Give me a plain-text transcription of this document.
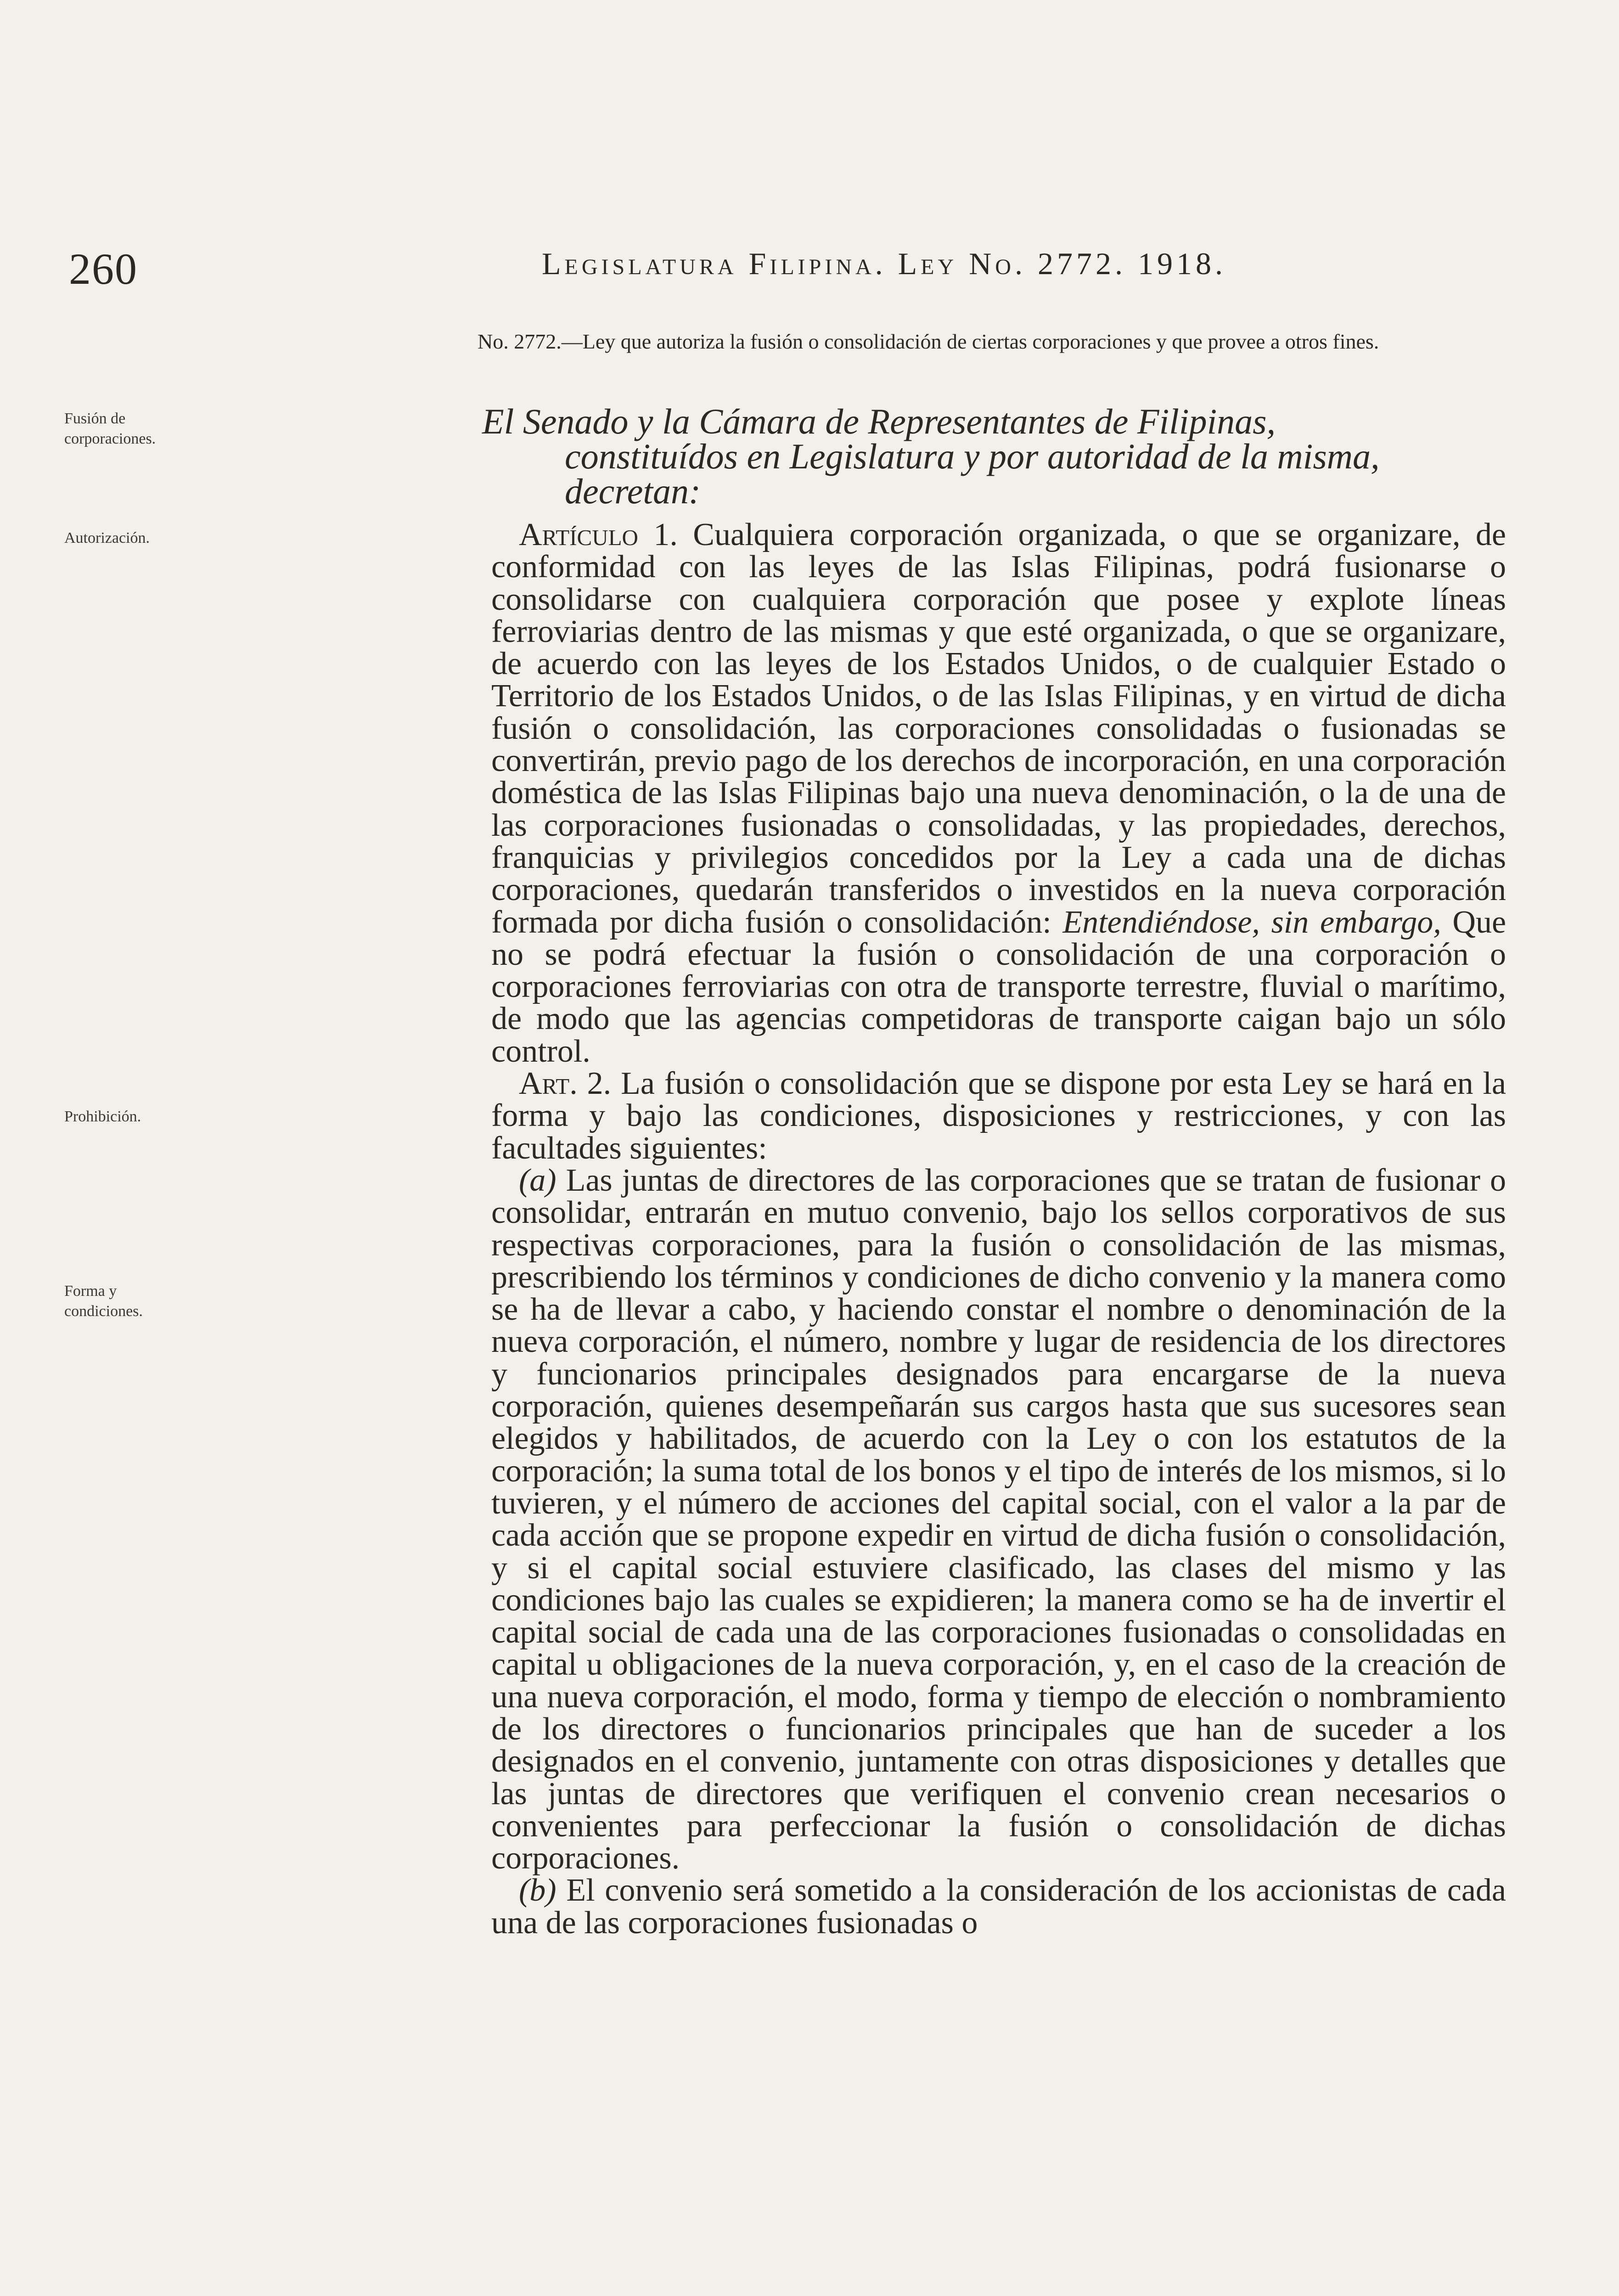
260	Legislatura Filipina. Ley No. 2772. 1918.
No. 2772.—Ley que autoriza la fusión o consolidación de ciertas corporaciones y que provee a otros fines.
El Senado y la Cámara de Representantes de Filipinas,
constituídos en Legislatura y por autoridad de la misma,
decretan:
Fusión de corporaciones.
Autorización.
Prohibición.
Forma y condiciones.

Artículo 1. Cualquiera corporación organizada, o que se organizare, de conformidad con las leyes de las Islas Filipinas, podrá fusionarse o consolidarse con cualquiera corporación que posee y explote líneas ferroviarias dentro de las mismas y que esté organizada, o que se organizare, de acuerdo con las leyes de los Estados Unidos, o de cualquier Estado o Territorio de los Estados Unidos, o de las Islas Filipinas, y en virtud de dicha fusión o consolidación, las corporaciones consolidadas o fusionadas se convertirán, previo pago de los derechos de incorporación, en una corporación doméstica de las Islas Filipinas bajo una nueva denominación, o la de una de las corporaciones fusionadas o consolidadas, y las propiedades, derechos, franquicias y privilegios concedidos por la Ley a cada una de dichas corporaciones, quedarán transferidos o investidos en la nueva corporación formada por dicha fusión o consolidación: Entendiéndose, sin embargo, Que no se podrá efectuar la fusión o consolidación de una corporación o corporaciones ferroviarias con otra de transporte terrestre, fluvial o marítimo, de modo que las agencias competidoras de transporte caigan bajo un sólo control.

Art. 2. La fusión o consolidación que se dispone por esta Ley se hará en la forma y bajo las condiciones, disposiciones y restricciones, y con las facultades siguientes:

(a) Las juntas de directores de las corporaciones que se tratan de fusionar o consolidar, entrarán en mutuo convenio, bajo los sellos corporativos de sus respectivas corporaciones, para la fusión o consolidación de las mismas, prescribiendo los términos y condiciones de dicho convenio y la manera como se ha de llevar a cabo, y haciendo constar el nombre o denominación de la nueva corporación, el número, nombre y lugar de residencia de los directores y funcionarios principales designados para encargarse de la nueva corporación, quienes desempeñarán sus cargos hasta que sus sucesores sean elegidos y habilitados, de acuerdo con la Ley o con los estatutos de la corporación; la suma total de los bonos y el tipo de interés de los mismos, si lo tuvieren, y el número de acciones del capital social, con el valor a la par de cada acción que se propone expedir en virtud de dicha fusión o consolidación, y si el capital social estuviere clasificado, las clases del mismo y las condiciones bajo las cuales se expidieren; la manera como se ha de invertir el capital social de cada una de las corporaciones fusionadas o consolidadas en capital u obligaciones de la nueva corporación, y, en el caso de la creación de una nueva corporación, el modo, forma y tiempo de elección o nombramiento de los directores o funcionarios principales que han de suceder a los designados en el convenio, juntamente con otras disposiciones y detalles que las juntas de directores que verifiquen el convenio crean necesarios o convenientes para perfeccionar la fusión o consolidación de dichas corporaciones.

(b) El convenio será sometido a la consideración de los accionistas de cada una de las corporaciones fusionadas o
